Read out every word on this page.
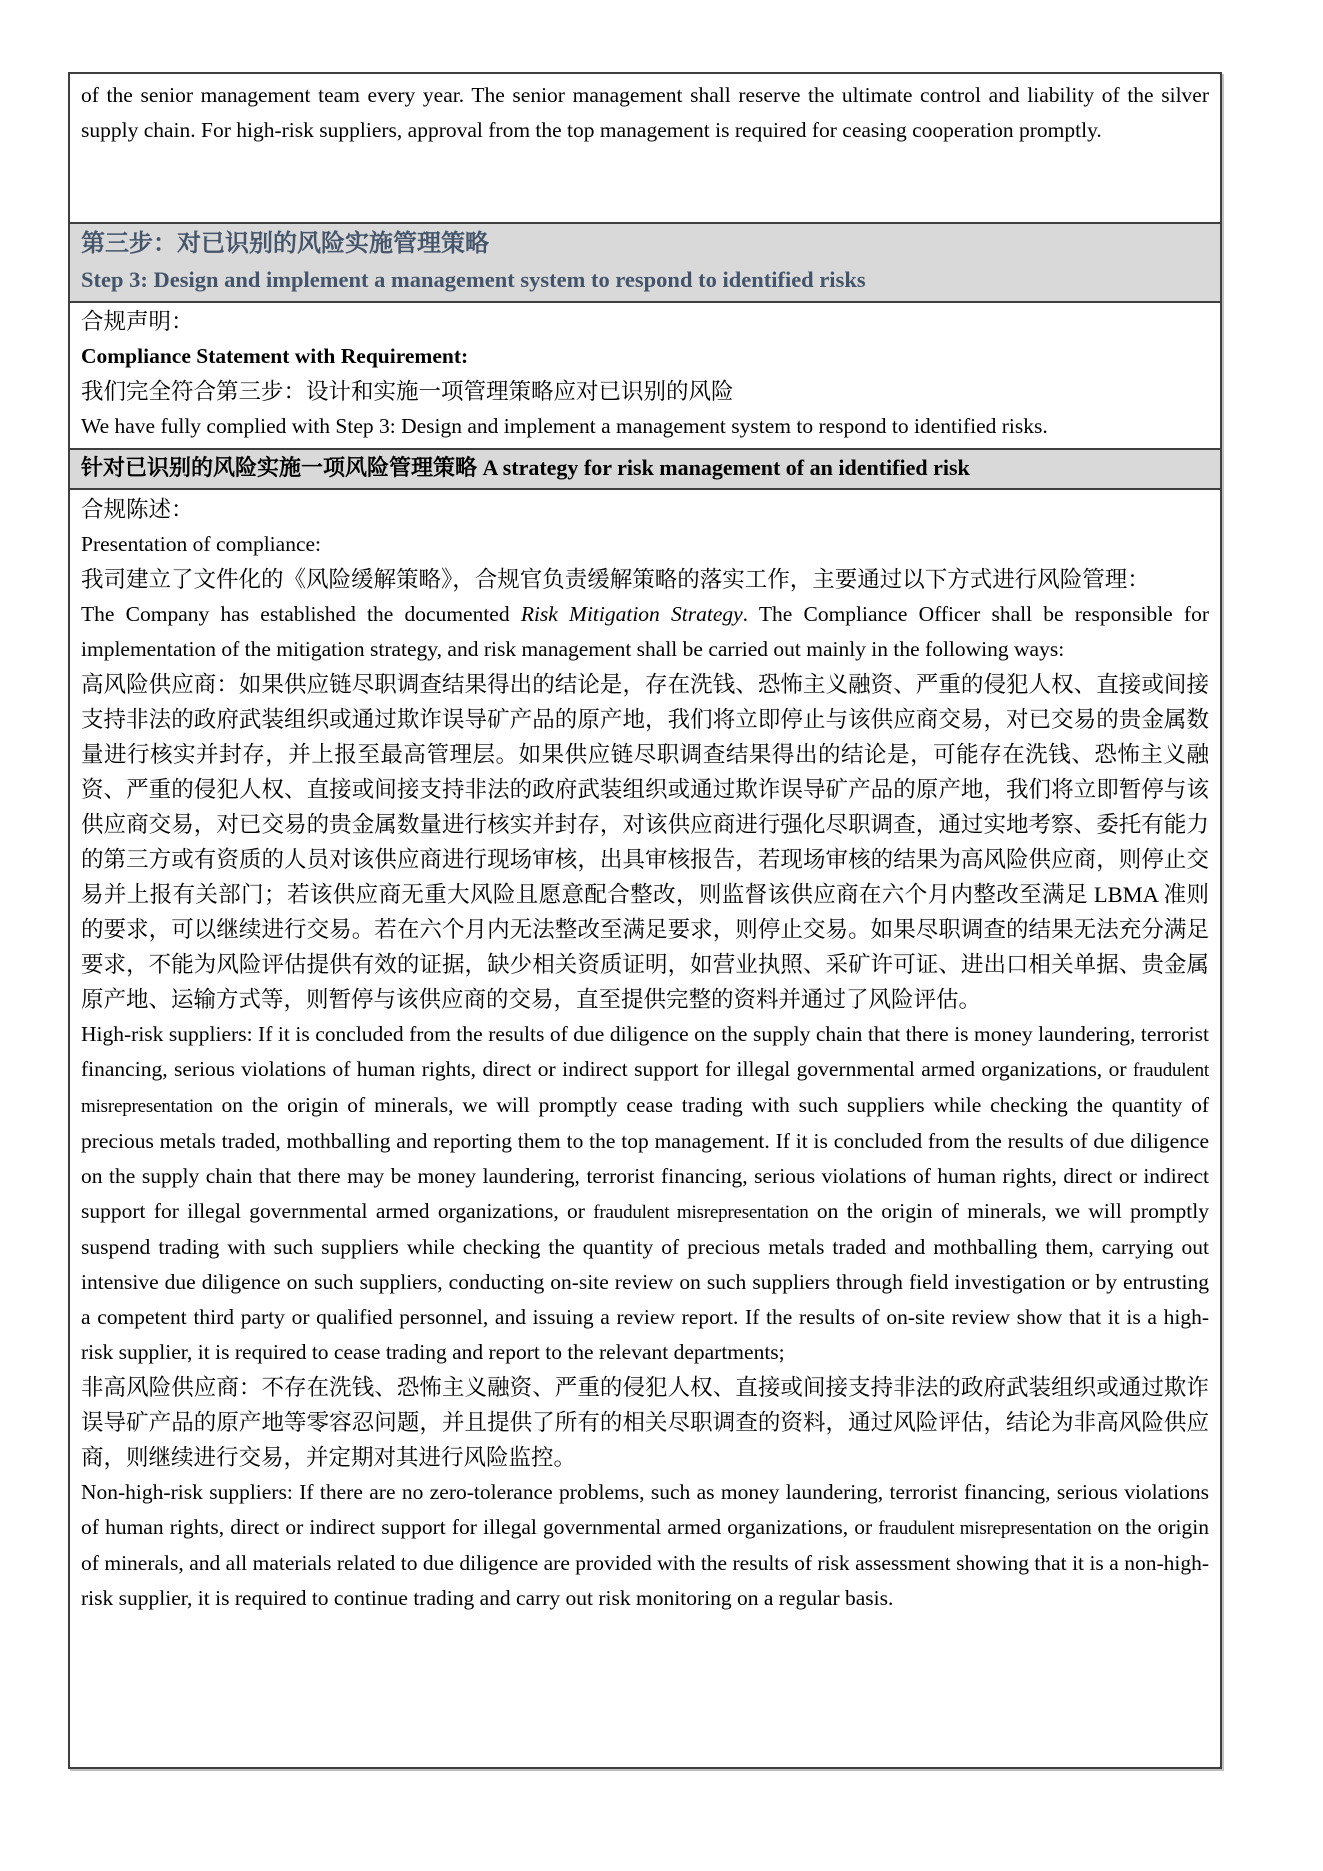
of the senior management team every year. The senior management shall reserve the ultimate control and liability of the silver supply chain. For high-risk suppliers, approval from the top management is required for ceasing cooperation promptly.

第三步：对已识别的风险实施管理策略

Step 3: Design and implement a management system to respond to identified risks

合规声明：

Compliance Statement with Requirement:

我们完全符合第三步：设计和实施一项管理策略应对已识别的风险

We have fully complied with Step 3: Design and implement a management system to respond to identified risks.

针对已识别的风险实施一项风险管理策略 A strategy for risk management of an identified risk

合规陈述：

Presentation of compliance:

我司建立了文件化的《风险缓解策略》，合规官负责缓解策略的落实工作，主要通过以下方式进行风险管理：

The Company has established the documented Risk Mitigation Strategy. The Compliance Officer shall be responsible for implementation of the mitigation strategy, and risk management shall be carried out mainly in the following ways:

高风险供应商：如果供应链尽职调查结果得出的结论是，存在洗钱、恐怖主义融资、严重的侵犯人权、直接或间接支持非法的政府武装组织或通过欺诈误导矿产品的原产地，我们将立即停止与该供应商交易，对已交易的贵金属数量进行核实并封存，并上报至最高管理层。如果供应链尽职调查结果得出的结论是，可能存在洗钱、恐怖主义融资、严重的侵犯人权、直接或间接支持非法的政府武装组织或通过欺诈误导矿产品的原产地，我们将立即暂停与该供应商交易，对已交易的贵金属数量进行核实并封存，对该供应商进行强化尽职调查，通过实地考察、委托有能力的第三方或有资质的人员对该供应商进行现场审核，出具审核报告，若现场审核的结果为高风险供应商，则停止交易并上报有关部门；若该供应商无重大风险且愿意配合整改，则监督该供应商在六个月内整改至满足 LBMA 准则的要求，可以继续进行交易。若在六个月内无法整改至满足要求，则停止交易。如果尽职调查的结果无法充分满足要求，不能为风险评估提供有效的证据，缺少相关资质证明，如营业执照、采矿许可证、进出口相关单据、贵金属原产地、运输方式等，则暂停与该供应商的交易，直至提供完整的资料并通过了风险评估。

High-risk suppliers: If it is concluded from the results of due diligence on the supply chain that there is money laundering, terrorist financing, serious violations of human rights, direct or indirect support for illegal governmental armed organizations, or fraudulent misrepresentation on the origin of minerals, we will promptly cease trading with such suppliers while checking the quantity of precious metals traded, mothballing and reporting them to the top management. If it is concluded from the results of due diligence on the supply chain that there may be money laundering, terrorist financing, serious violations of human rights, direct or indirect support for illegal governmental armed organizations, or fraudulent misrepresentation on the origin of minerals, we will promptly suspend trading with such suppliers while checking the quantity of precious metals traded and mothballing them, carrying out intensive due diligence on such suppliers, conducting on-site review on such suppliers through field investigation or by entrusting a competent third party or qualified personnel, and issuing a review report. If the results of on-site review show that it is a high-risk supplier, it is required to cease trading and report to the relevant departments;

非高风险供应商：不存在洗钱、恐怖主义融资、严重的侵犯人权、直接或间接支持非法的政府武装组织或通过欺诈误导矿产品的原产地等零容忍问题，并且提供了所有的相关尽职调查的资料，通过风险评估，结论为非高风险供应商，则继续进行交易，并定期对其进行风险监控。

Non-high-risk suppliers: If there are no zero-tolerance problems, such as money laundering, terrorist financing, serious violations of human rights, direct or indirect support for illegal governmental armed organizations, or fraudulent misrepresentation on the origin of minerals, and all materials related to due diligence are provided with the results of risk assessment showing that it is a non-high-risk supplier, it is required to continue trading and carry out risk monitoring on a regular basis.
